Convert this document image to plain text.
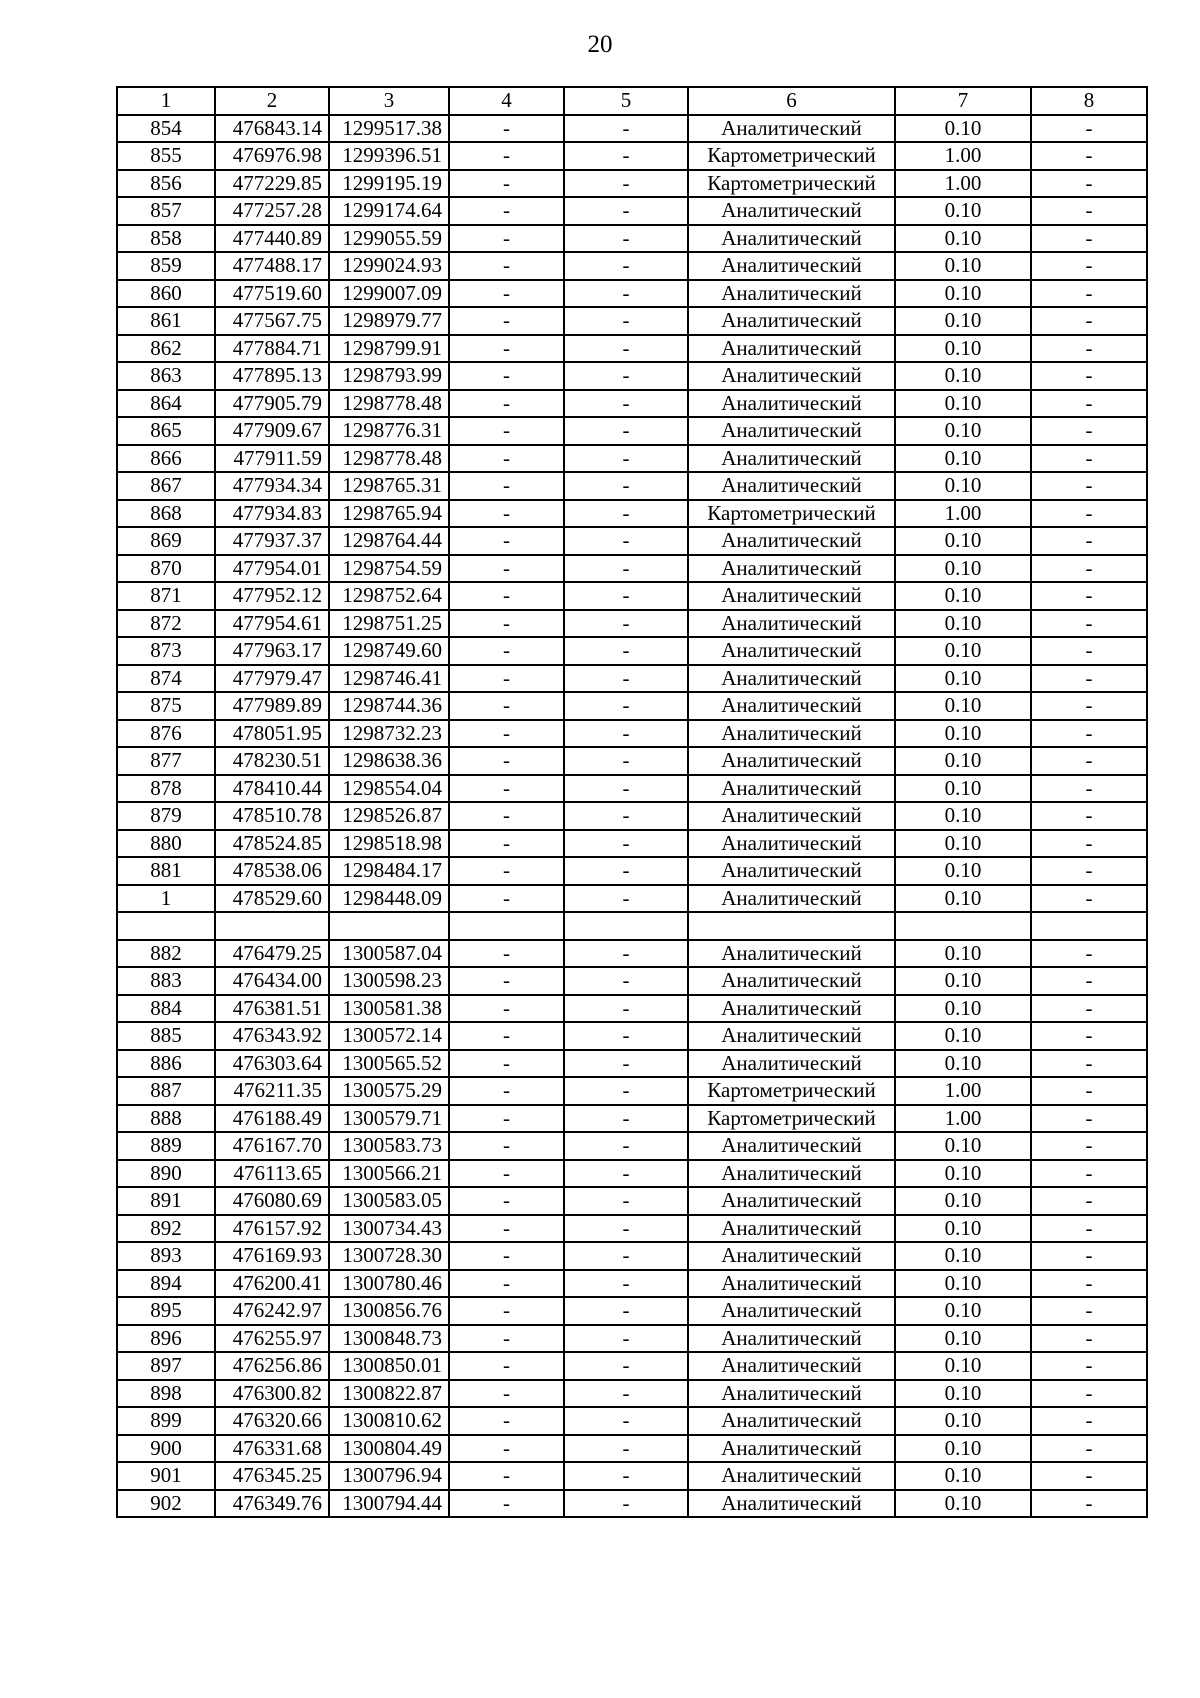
20
1	2	3	4	5	6	7	8
854	476843.14	1299517.38	-	-	Аналитический	0.10	-
855	476976.98	1299396.51	-	-	Картометрический	1.00	-
856	477229.85	1299195.19	-	-	Картометрический	1.00	-
857	477257.28	1299174.64	-	-	Аналитический	0.10	-
858	477440.89	1299055.59	-	-	Аналитический	0.10	-
859	477488.17	1299024.93	-	-	Аналитический	0.10	-
860	477519.60	1299007.09	-	-	Аналитический	0.10	-
861	477567.75	1298979.77	-	-	Аналитический	0.10	-
862	477884.71	1298799.91	-	-	Аналитический	0.10	-
863	477895.13	1298793.99	-	-	Аналитический	0.10	-
864	477905.79	1298778.48	-	-	Аналитический	0.10	-
865	477909.67	1298776.31	-	-	Аналитический	0.10	-
866	477911.59	1298778.48	-	-	Аналитический	0.10	-
867	477934.34	1298765.31	-	-	Аналитический	0.10	-
868	477934.83	1298765.94	-	-	Картометрический	1.00	-
869	477937.37	1298764.44	-	-	Аналитический	0.10	-
870	477954.01	1298754.59	-	-	Аналитический	0.10	-
871	477952.12	1298752.64	-	-	Аналитический	0.10	-
872	477954.61	1298751.25	-	-	Аналитический	0.10	-
873	477963.17	1298749.60	-	-	Аналитический	0.10	-
874	477979.47	1298746.41	-	-	Аналитический	0.10	-
875	477989.89	1298744.36	-	-	Аналитический	0.10	-
876	478051.95	1298732.23	-	-	Аналитический	0.10	-
877	478230.51	1298638.36	-	-	Аналитический	0.10	-
878	478410.44	1298554.04	-	-	Аналитический	0.10	-
879	478510.78	1298526.87	-	-	Аналитический	0.10	-
880	478524.85	1298518.98	-	-	Аналитический	0.10	-
881	478538.06	1298484.17	-	-	Аналитический	0.10	-
1	478529.60	1298448.09	-	-	Аналитический	0.10	-

882	476479.25	1300587.04	-	-	Аналитический	0.10	-
883	476434.00	1300598.23	-	-	Аналитический	0.10	-
884	476381.51	1300581.38	-	-	Аналитический	0.10	-
885	476343.92	1300572.14	-	-	Аналитический	0.10	-
886	476303.64	1300565.52	-	-	Аналитический	0.10	-
887	476211.35	1300575.29	-	-	Картометрический	1.00	-
888	476188.49	1300579.71	-	-	Картометрический	1.00	-
889	476167.70	1300583.73	-	-	Аналитический	0.10	-
890	476113.65	1300566.21	-	-	Аналитический	0.10	-
891	476080.69	1300583.05	-	-	Аналитический	0.10	-
892	476157.92	1300734.43	-	-	Аналитический	0.10	-
893	476169.93	1300728.30	-	-	Аналитический	0.10	-
894	476200.41	1300780.46	-	-	Аналитический	0.10	-
895	476242.97	1300856.76	-	-	Аналитический	0.10	-
896	476255.97	1300848.73	-	-	Аналитический	0.10	-
897	476256.86	1300850.01	-	-	Аналитический	0.10	-
898	476300.82	1300822.87	-	-	Аналитический	0.10	-
899	476320.66	1300810.62	-	-	Аналитический	0.10	-
900	476331.68	1300804.49	-	-	Аналитический	0.10	-
901	476345.25	1300796.94	-	-	Аналитический	0.10	-
902	476349.76	1300794.44	-	-	Аналитический	0.10	-
